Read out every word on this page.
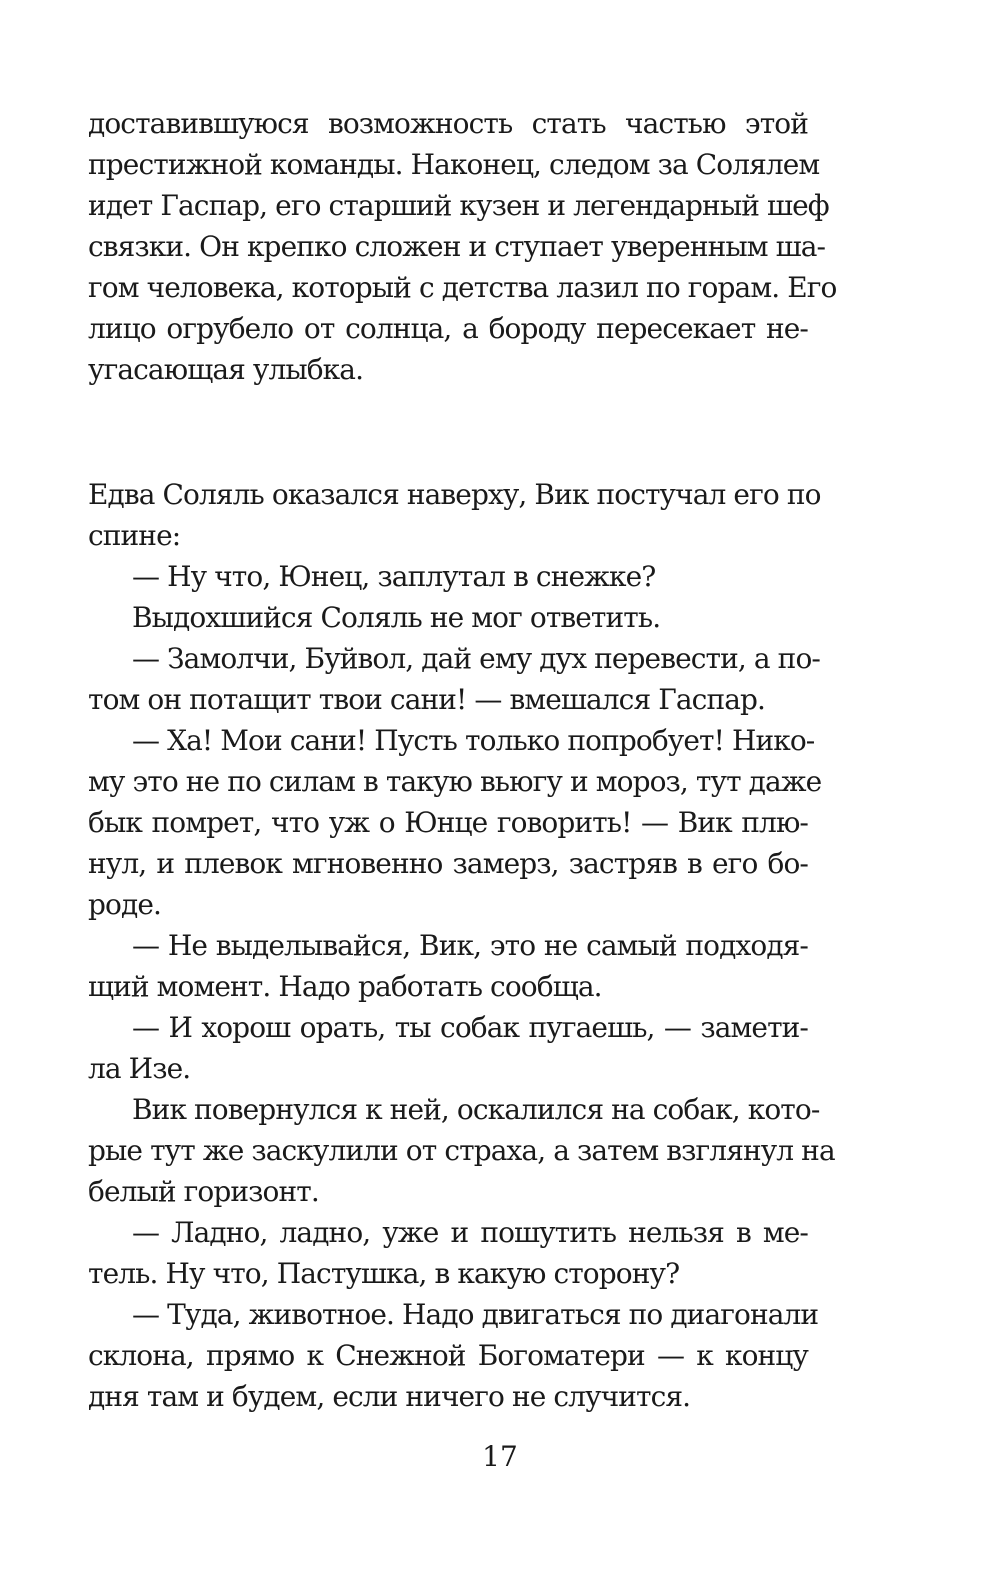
доставившуюся возможность стать частью этой
престижной команды. Наконец, следом за Солялем
идет Гаспар, его старший кузен и легендарный шеф
связки. Он крепко сложен и ступает уверенным ша-
гом человека, который с детства лазил по горам. Его
лицо огрубело от солнца, а бороду пересекает не-
угасающая улыбка.
Едва Соляль оказался наверху, Вик постучал его по
спине:
— Ну что, Юнец, заплутал в снежке?
Выдохшийся Соляль не мог ответить.
— Замолчи, Буйвол, дай ему дух перевести, а по-
том он потащит твои сани! — вмешался Гаспар.
— Ха! Мои сани! Пусть только попробует! Нико-
му это не по силам в такую вьюгу и мороз, тут даже
бык помрет, что уж о Юнце говорить! — Вик плю-
нул, и плевок мгновенно замерз, застряв в его бо-
роде.
— Не выделывайся, Вик, это не самый подходя-
щий момент. Надо работать сообща.
— И хорош орать, ты собак пугаешь, — замети-
ла Изе.
Вик повернулся к ней, оскалился на собак, кото-
рые тут же заскулили от страха, а затем взглянул на
белый горизонт.
— Ладно, ладно, уже и пошутить нельзя в ме-
тель. Ну что, Пастушка, в какую сторону?
— Туда, животное. Надо двигаться по диагонали
склона, прямо к Снежной Богоматери — к концу
дня там и будем, если ничего не случится.
17
